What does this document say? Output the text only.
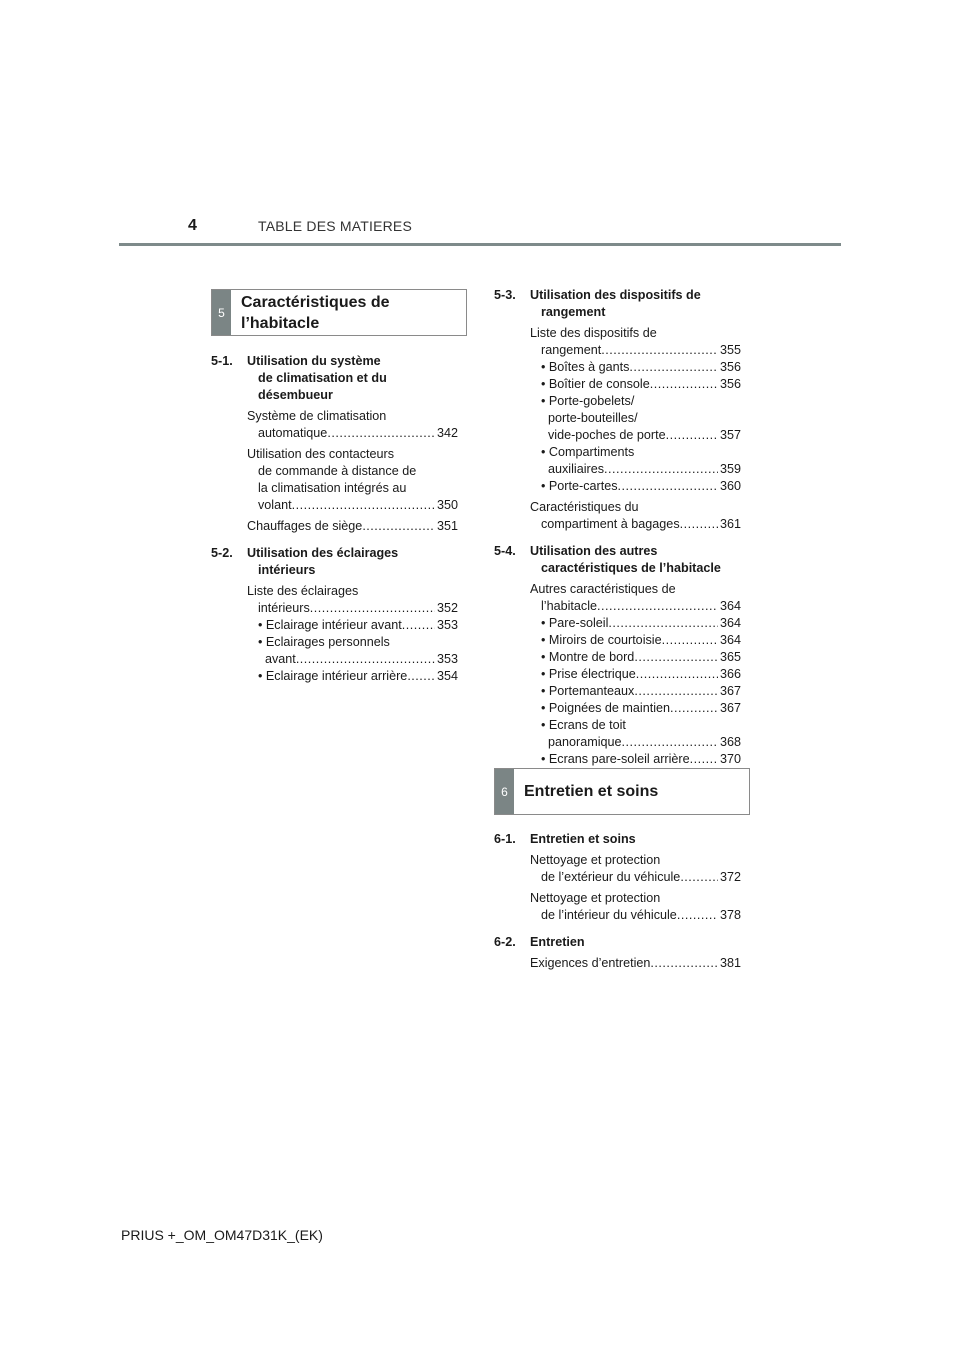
4	TABLE DES MATIERES
5
Caractéristiques de
l’habitacle
5-1.	Utilisation du système
de climatisation et du
désembueur
Système de climatisation
automatique .....	342
Utilisation des contacteurs
de commande à distance de
la climatisation intégrés au
volant .....	350
Chauffages de siège .....	351
5-2.	Utilisation des éclairages
intérieurs
Liste des éclairages
intérieurs .....	352
• Eclairage intérieur avant .....	353
• Eclairages personnels
avant .....	353
• Eclairage intérieur arrière ..... 354
5-3.	Utilisation des dispositifs de
rangement
Liste des dispositifs de
rangement .....	355
• Boîtes à gants .....	356
• Boîtier de console .....	356
• Porte-gobelets/
porte-bouteilles/
vide-poches de porte .....	357
• Compartiments
auxiliaires .....	359
• Porte-cartes .....	360
Caractéristiques du
compartiment à bagages .....	361
5-4.	Utilisation des autres
caractéristiques de l’habitacle
Autres caractéristiques de
l’habitacle .....	364
• Pare-soleil .....	364
• Miroirs de courtoisie .....	364
• Montre de bord .....	365
• Prise électrique .....	366
• Portemanteaux .....	367
• Poignées de maintien .....	367
• Ecrans de toit
panoramique .....	368
• Ecrans pare-soleil arrière ..... 370
6	Entretien et soins
6-1.	Entretien et soins
Nettoyage et protection
de l’extérieur du véhicule .....	372
Nettoyage et protection
de l’intérieur du véhicule .....	378
6-2.	Entretien
Exigences d’entretien .....	381
PRIUS +_OM_OM47D31K_(EK)
